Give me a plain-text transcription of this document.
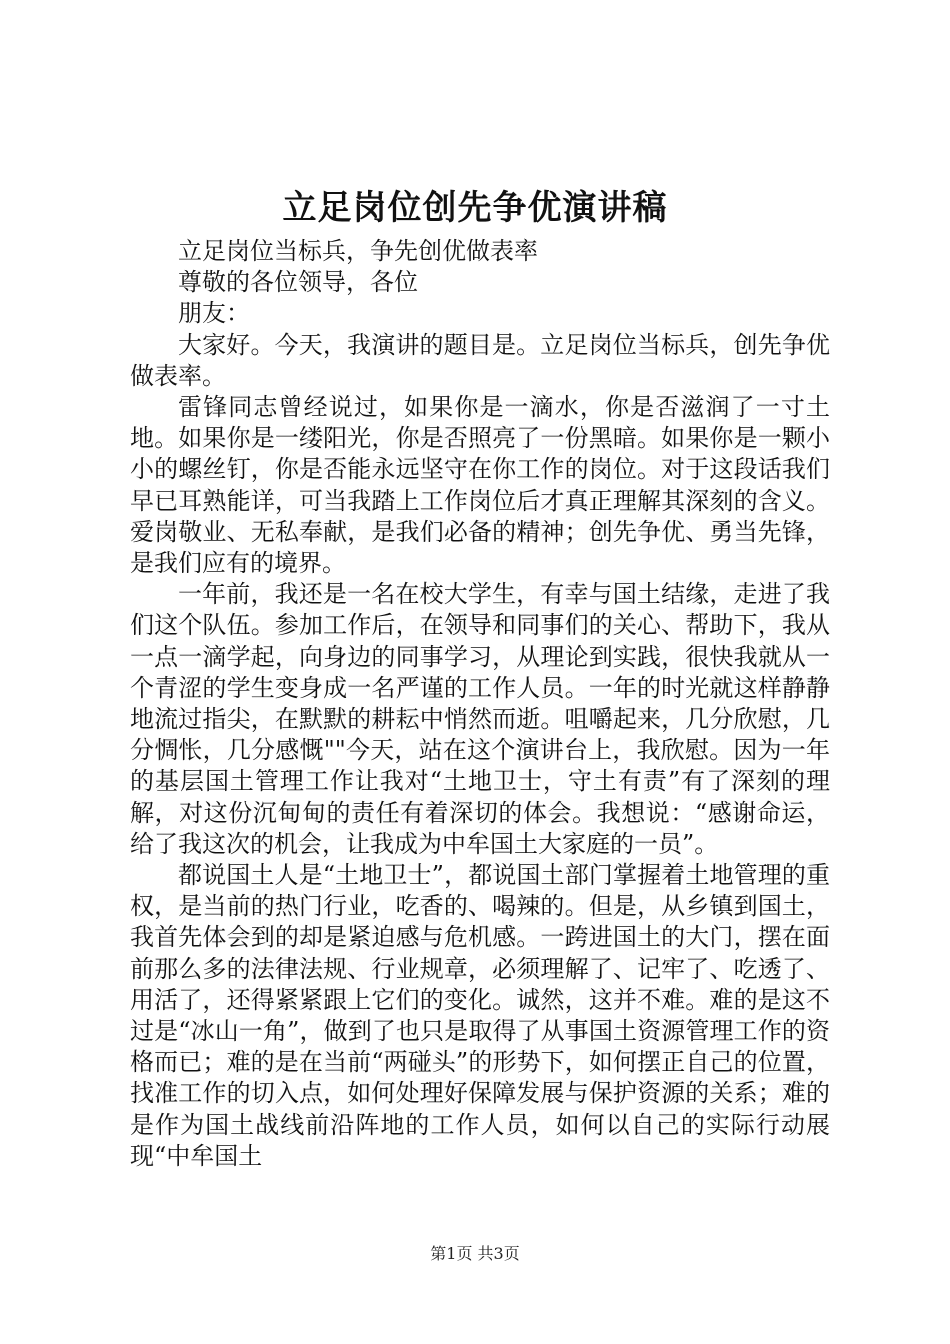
立足岗位创先争优演讲稿

立足岗位当标兵，争先创优做表率

尊敬的各位领导，各位

朋友：

大家好。今天，我演讲的题目是。立足岗位当标兵，创先争优做表率。

雷锋同志曾经说过，如果你是一滴水，你是否滋润了一寸土地。如果你是一缕阳光，你是否照亮了一份黑暗。如果你是一颗小小的螺丝钉，你是否能永远坚守在你工作的岗位。对于这段话我们早已耳熟能详，可当我踏上工作岗位后才真正理解其深刻的含义。爱岗敬业、无私奉献，是我们必备的精神；创先争优、勇当先锋，是我们应有的境界。

一年前，我还是一名在校大学生，有幸与国土结缘，走进了我们这个队伍。参加工作后，在领导和同事们的关心、帮助下，我从一点一滴学起，向身边的同事学习，从理论到实践，很快我就从一个青涩的学生变身成一名严谨的工作人员。一年的时光就这样静静地流过指尖，在默默的耕耘中悄然而逝。咀嚼起来，几分欣慰，几分惆怅，几分感慨""今天，站在这个演讲台上，我欣慰。因为一年的基层国土管理工作让我对“土地卫士，守土有责”有了深刻的理解，对这份沉甸甸的责任有着深切的体会。我想说：“感谢命运，给了我这次的机会，让我成为中牟国土大家庭的一员”。

都说国土人是“土地卫士”，都说国土部门掌握着土地管理的重权，是当前的热门行业，吃香的、喝辣的。但是，从乡镇到国土，我首先体会到的却是紧迫感与危机感。一跨进国土的大门，摆在面前那么多的法律法规、行业规章，必须理解了、记牢了、吃透了、用活了，还得紧紧跟上它们的变化。诚然，这并不难。难的是这不过是“冰山一角”，做到了也只是取得了从事国土资源管理工作的资格而已；难的是在当前“两碰头”的形势下，如何摆正自己的位置，找准工作的切入点，如何处理好保障发展与保护资源的关系；难的是作为国土战线前沿阵地的工作人员，如何以自己的实际行动展现“中牟国土

第1页 共3页
